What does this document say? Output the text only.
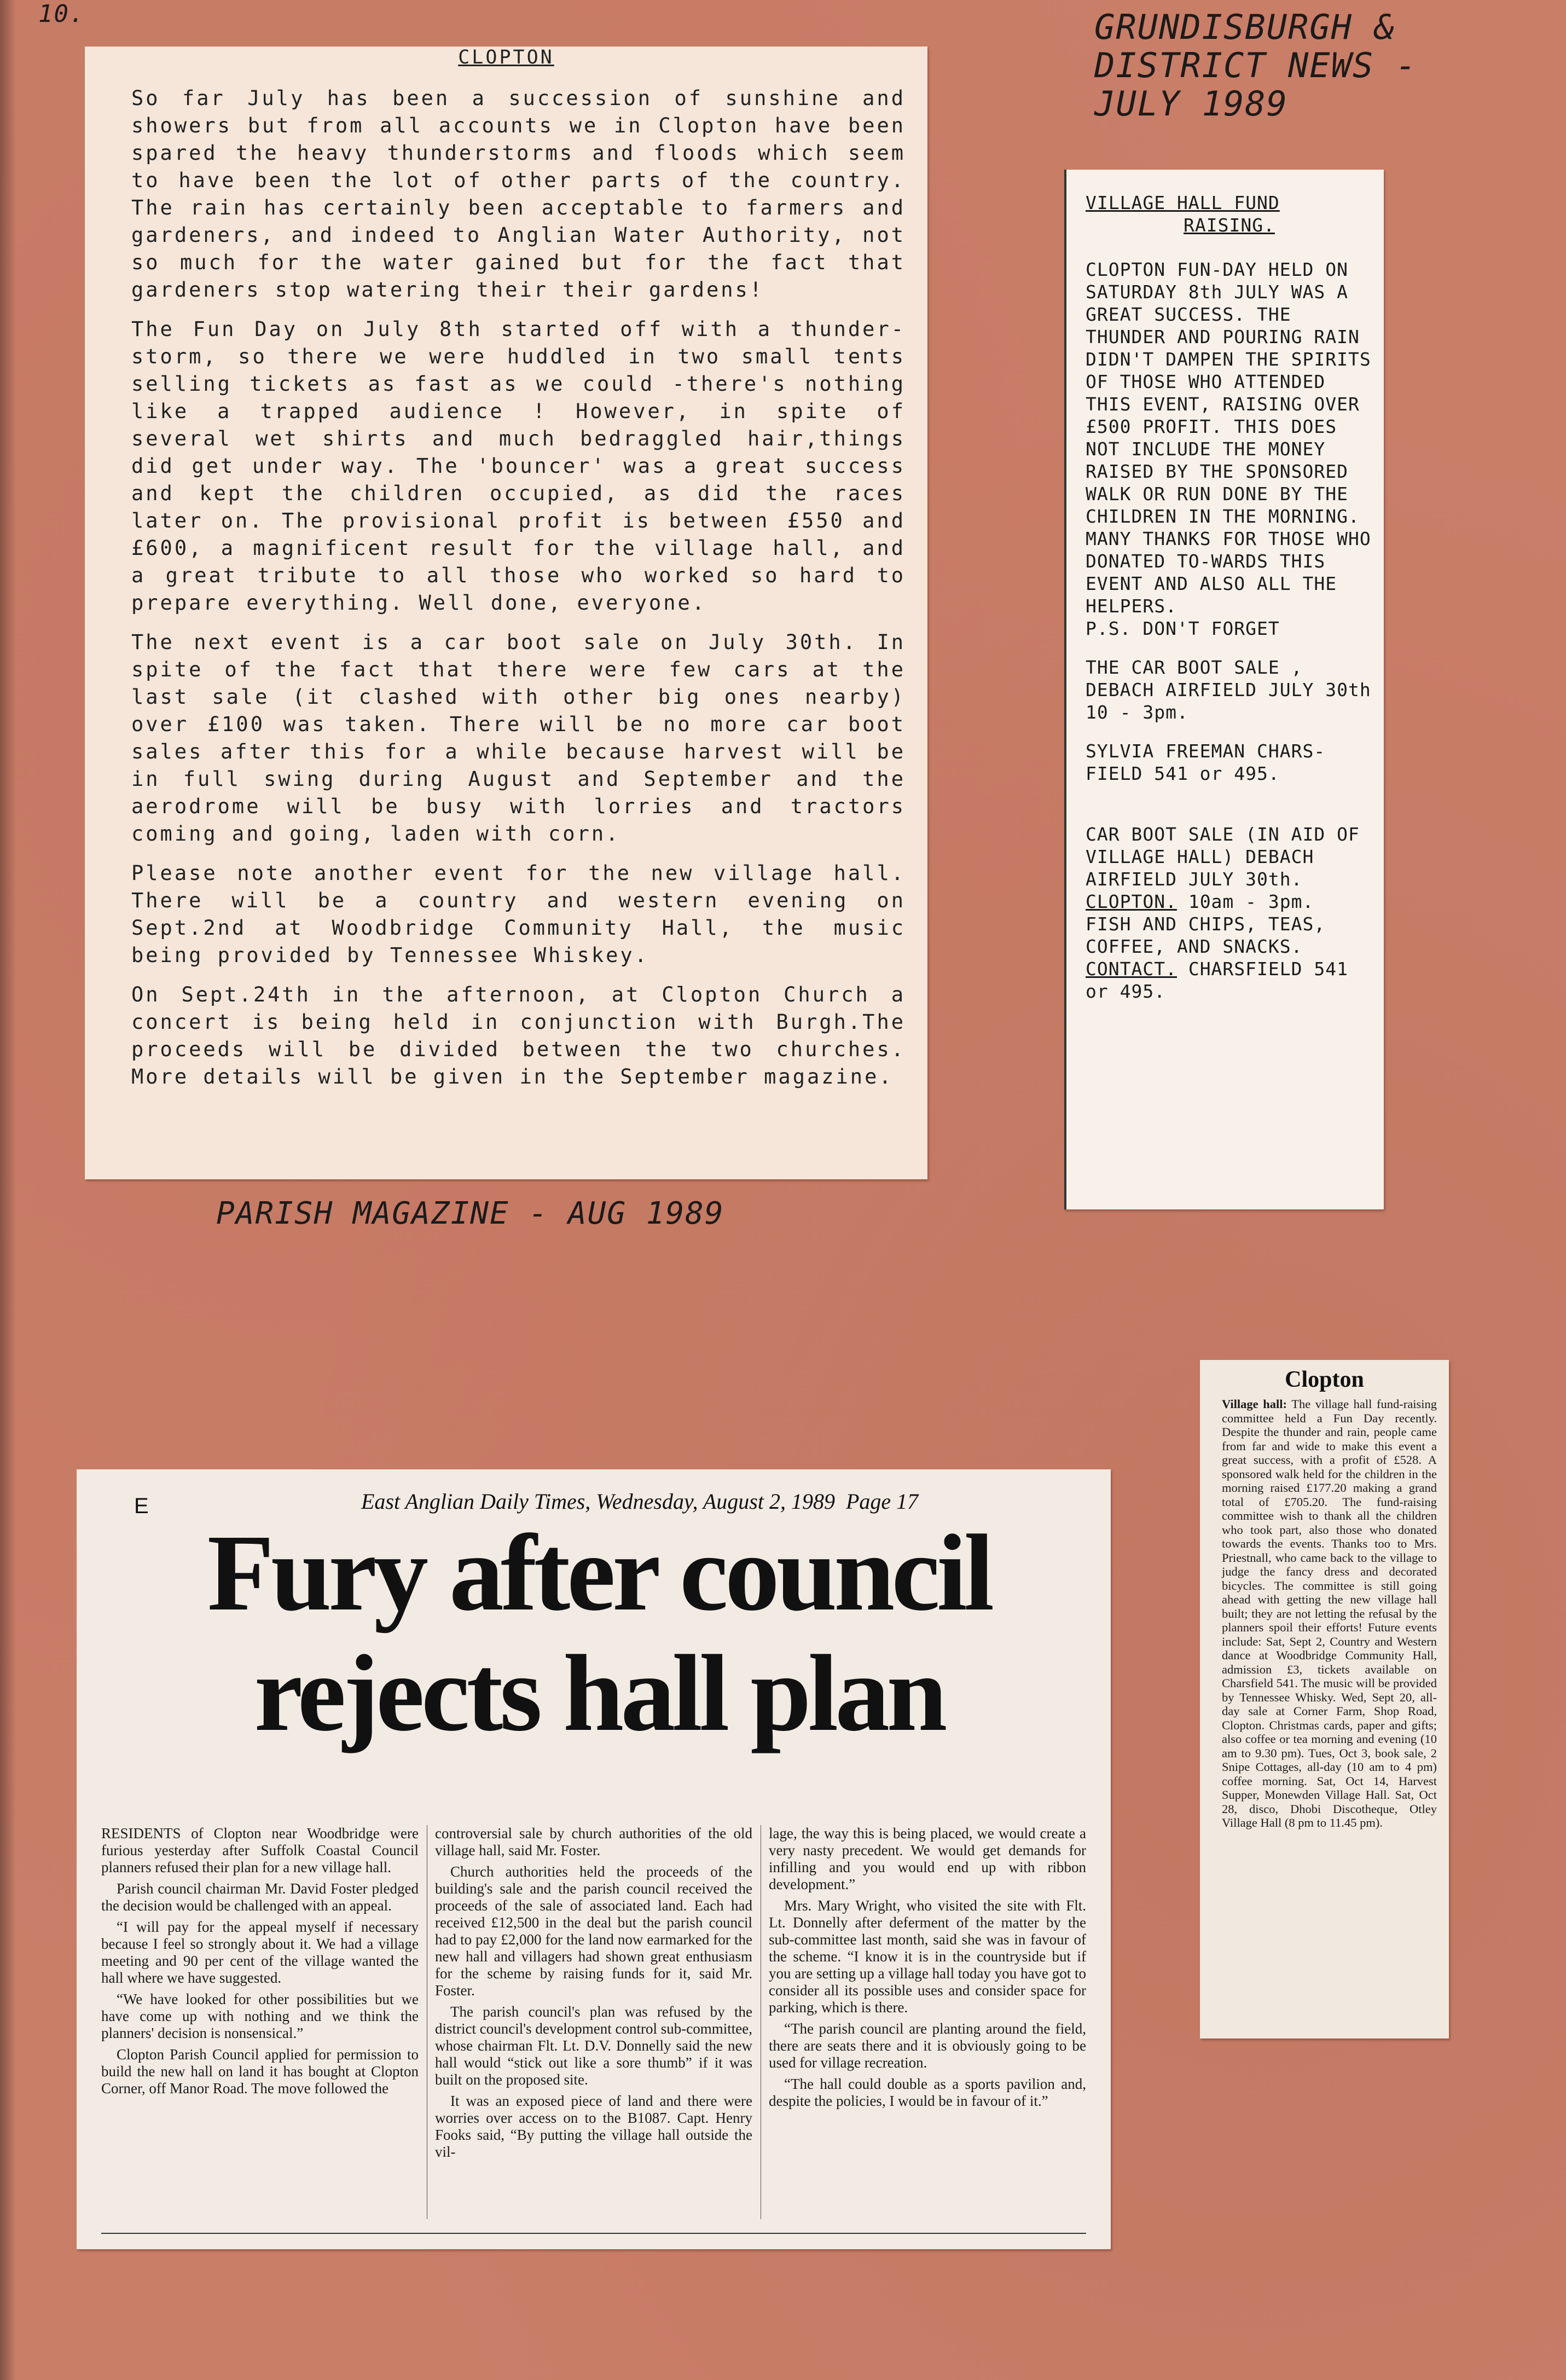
10.	GRUNDISBURGH &
DISTRICT NEWS -
JULY 1989
CLOPTON

So far July has been a succession of sunshine and showers but from all accounts we in Clopton have been spared the heavy thunderstorms and floods which seem to have been the lot of other parts of the country. The rain has certainly been acceptable to farmers and gardeners, and indeed to Anglian Water Authority, not so much for the water gained but for the fact that gardeners stop watering their their gardens!

The Fun Day on July 8th started off with a thunder-storm, so there we were huddled in two small tents selling tickets as fast as we could -there's nothing like a trapped audience ! However, in spite of several wet shirts and much bedraggled hair,things did get under way. The 'bouncer' was a great success and kept the children occupied, as did the races later on. The provisional profit is between £550 and £600, a magnificent result for the village hall, and a great tribute to all those who worked so hard to prepare everything. Well done, everyone.

The next event is a car boot sale on July 30th. In spite of the fact that there were few cars at the last sale (it clashed with other big ones nearby) over £100 was taken. There will be no more car boot sales after this for a while because harvest will be in full swing during August and September and the aerodrome will be busy with lorries and tractors coming and going, laden with corn.

Please note another event for the new village hall. There will be a country and western evening on Sept.2nd at Woodbridge Community Hall, the music being provided by Tennessee Whiskey.

On Sept.24th in the afternoon, at Clopton Church a concert is being held in conjunction with Burgh.The proceeds will be divided between the two churches. More details will be given in the September magazine.

PARISH MAGAZINE - AUG 1989
VILLAGE HALL FUND
RAISING.

CLOPTON FUN-DAY HELD ON SATURDAY 8th JULY WAS A GREAT SUCCESS. THE THUNDER AND POURING RAIN DIDN'T DAMPEN THE SPIRITS OF THOSE WHO ATTENDED THIS EVENT, RAISING OVER £500 PROFIT. THIS DOES NOT INCLUDE THE MONEY RAISED BY THE SPONSORED WALK OR RUN DONE BY THE CHILDREN IN THE MORNING. MANY THANKS FOR THOSE WHO DONATED TO-WARDS THIS EVENT AND ALSO ALL THE HELPERS.

P.S. DON'T FORGET

THE CAR BOOT SALE , DEBACH AIRFIELD JULY 30th 10 - 3pm.

SYLVIA FREEMAN CHARS-FIELD 541 or 495.

CAR BOOT SALE (IN AID OF VILLAGE HALL) DEBACH AIRFIELD JULY 30th.

CLOPTON. 10am - 3pm.
FISH AND CHIPS, TEAS, COFFEE, AND SNACKS.
CONTACT. CHARSFIELD 541 or 495.
Clopton
Village hall: The village hall fund-raising committee held a Fun Day recently. Despite the thunder and rain, people came from far and wide to make this event a great success, with a profit of £528. A sponsored walk held for the children in the morning raised £177.20 making a grand total of £705.20. The fund-raising committee wish to thank all the children who took part, also those who donated towards the events. Thanks too to Mrs. Priestnall, who came back to the village to judge the fancy dress and decorated bicycles. The committee is still going ahead with getting the new village hall built; they are not letting the refusal by the planners spoil their efforts! Future events include: Sat, Sept 2, Country and Western dance at Woodbridge Community Hall, admission £3, tickets available on Charsfield 541. The music will be provided by Tennessee Whisky. Wed, Sept 20, all-day sale at Corner Farm, Shop Road, Clopton. Christmas cards, paper and gifts; also coffee or tea morning and evening (10 am to 9.30 pm). Tues, Oct 3, book sale, 2 Snipe Cottages, all-day (10 am to 4 pm) coffee morning. Sat, Oct 14, Harvest Supper, Monewden Village Hall. Sat, Oct 28, disco, Dhobi Discotheque, Otley Village Hall (8 pm to 11.45 pm).
E	East Anglian Daily Times, Wednesday, August 2, 1989  Page 17
Fury after council
rejects hall plan

RESIDENTS of Clopton near Woodbridge were furious yesterday after Suffolk Coastal Council planners refused their plan for a new village hall.

Parish council chairman Mr. David Foster pledged the decision would be challenged with an appeal.

“I will pay for the appeal myself if necessary because I feel so strongly about it. We had a village meeting and 90 per cent of the village wanted the hall where we have suggested.

“We have looked for other possibilities but we have come up with nothing and we think the planners' decision is nonsensical.”

Clopton Parish Council applied for permission to build the new hall on land it has bought at Clopton Corner, off Manor Road. The move followed the

controversial sale by church authorities of the old village hall, said Mr. Foster.

Church authorities held the proceeds of the building's sale and the parish council received the proceeds of the sale of associated land. Each had received £12,500 in the deal but the parish council had to pay £2,000 for the land now earmarked for the new hall and villagers had shown great enthusiasm for the scheme by raising funds for it, said Mr. Foster.

The parish council's plan was refused by the district council's development control sub-committee, whose chairman Flt. Lt. D.V. Donnelly said the new hall would “stick out like a sore thumb” if it was built on the proposed site.

It was an exposed piece of land and there were worries over access on to the B1087. Capt. Henry Fooks said, “By putting the village hall outside the vil-

lage, the way this is being placed, we would create a very nasty precedent. We would get demands for infilling and you would end up with ribbon development.”

Mrs. Mary Wright, who visited the site with Flt. Lt. Donnelly after deferment of the matter by the sub-committee last month, said she was in favour of the scheme. “I know it is in the countryside but if you are setting up a village hall today you have got to consider all its possible uses and consider space for parking, which is there.

“The parish council are planting around the field, there are seats there and it is obviously going to be used for village recreation.

“The hall could double as a sports pavilion and, despite the policies, I would be in favour of it.”
